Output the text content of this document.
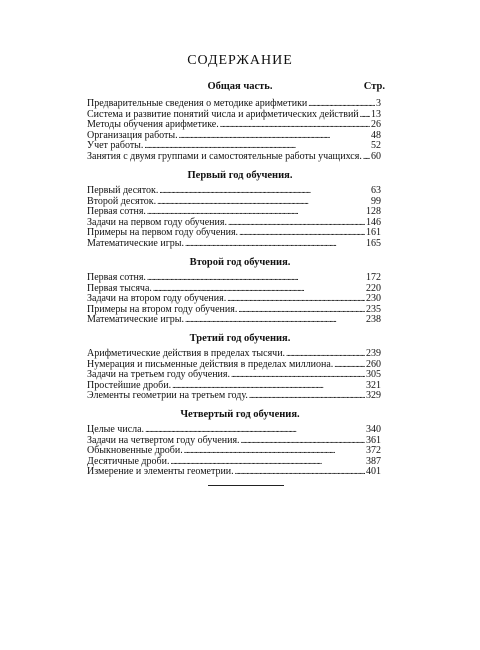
СОДЕРЖАНИЕ
Общая часть.	Стр.
Предварительные сведения о методике арифметики . . .	3
Система и развитие понятий числа и арифметических действий . . . 13
Методы обучения арифметике. . . .	26
Организация работы. . . .	48
Учет работы. . . .	52
Занятия с двумя группами и самостоятельные работы учащихся. . . . 60
Первый год обучения.
Первый десяток. . . .	63
Второй десяток. . . .	99
Первая сотня. . . .	128
Задачи на первом году обучения. . . .	146
Примеры на первом году обучения. . . .	161
Математические игры. . . .	165
Второй год обучения.
Первая сотня. . . .	172
Первая тысяча. . . .	220
Задачи на втором году обучения. . . .	230
Примеры на втором году обучения. . . .	235
Математические игры. . . .	238
Третий год обучения.
Арифметические действия в пределах тысячи. . . .	239
Нумерация и письменные действия в пределах миллиона. . . .	260
Задачи на третьем году обучения. . . .	305
Простейшие дроби. . . .	321
Элементы геометрии на третьем году. . . .	329
Четвертый год обучения.
Целые числа. . . .	340
Задачи на четвертом году обучения. . . .	361
Обыкновенные дроби. . . .	372
Десятичные дроби. . . .	387
Измерение и элементы геометрии. . . .	401
